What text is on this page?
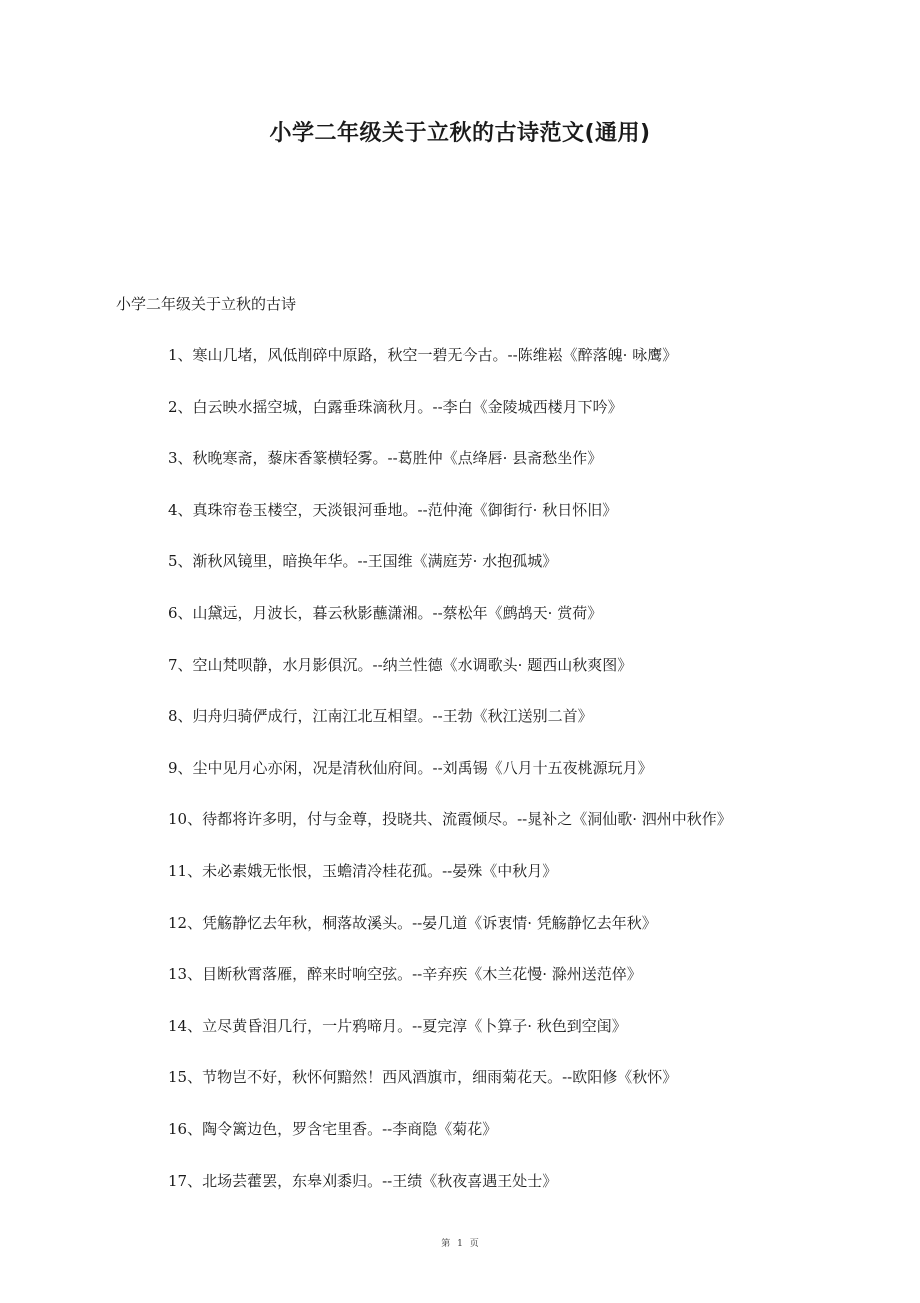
小学二年级关于立秋的古诗范文(通用)

小学二年级关于立秋的古诗

1、寒山几堵，风低削碎中原路，秋空一碧无今古。--陈维崧《醉落魄· 咏鹰》
2、白云映水摇空城，白露垂珠滴秋月。--李白《金陵城西楼月下吟》
3、秋晚寒斋，藜床香篆横轻雾。--葛胜仲《点绛唇· 县斋愁坐作》
4、真珠帘卷玉楼空，天淡银河垂地。--范仲淹《御街行· 秋日怀旧》
5、渐秋风镜里，暗换年华。--王国维《满庭芳· 水抱孤城》
6、山黛远，月波长，暮云秋影蘸潇湘。--蔡松年《鹧鸪天· 赏荷》
7、空山梵呗静，水月影俱沉。--纳兰性德《水调歌头· 题西山秋爽图》
8、归舟归骑俨成行，江南江北互相望。--王勃《秋江送别二首》
9、尘中见月心亦闲，况是清秋仙府间。--刘禹锡《八月十五夜桃源玩月》
10、待都将许多明，付与金尊，投晓共、流霞倾尽。--晁补之《洞仙歌· 泗州中秋作》
11、未必素娥无怅恨，玉蟾清冷桂花孤。--晏殊《中秋月》
12、凭觞静忆去年秋，桐落故溪头。--晏几道《诉衷情· 凭觞静忆去年秋》
13、目断秋霄落雁，醉来时响空弦。--辛弃疾《木兰花慢· 滁州送范倅》
14、立尽黄昏泪几行，一片鸦啼月。--夏完淳《卜算子· 秋色到空闺》
15、节物岂不好，秋怀何黯然！西风酒旗市，细雨菊花天。--欧阳修《秋怀》
16、陶令篱边色，罗含宅里香。--李商隐《菊花》
17、北场芸藿罢，东皋刈黍归。--王绩《秋夜喜遇王处士》
第 1 页
